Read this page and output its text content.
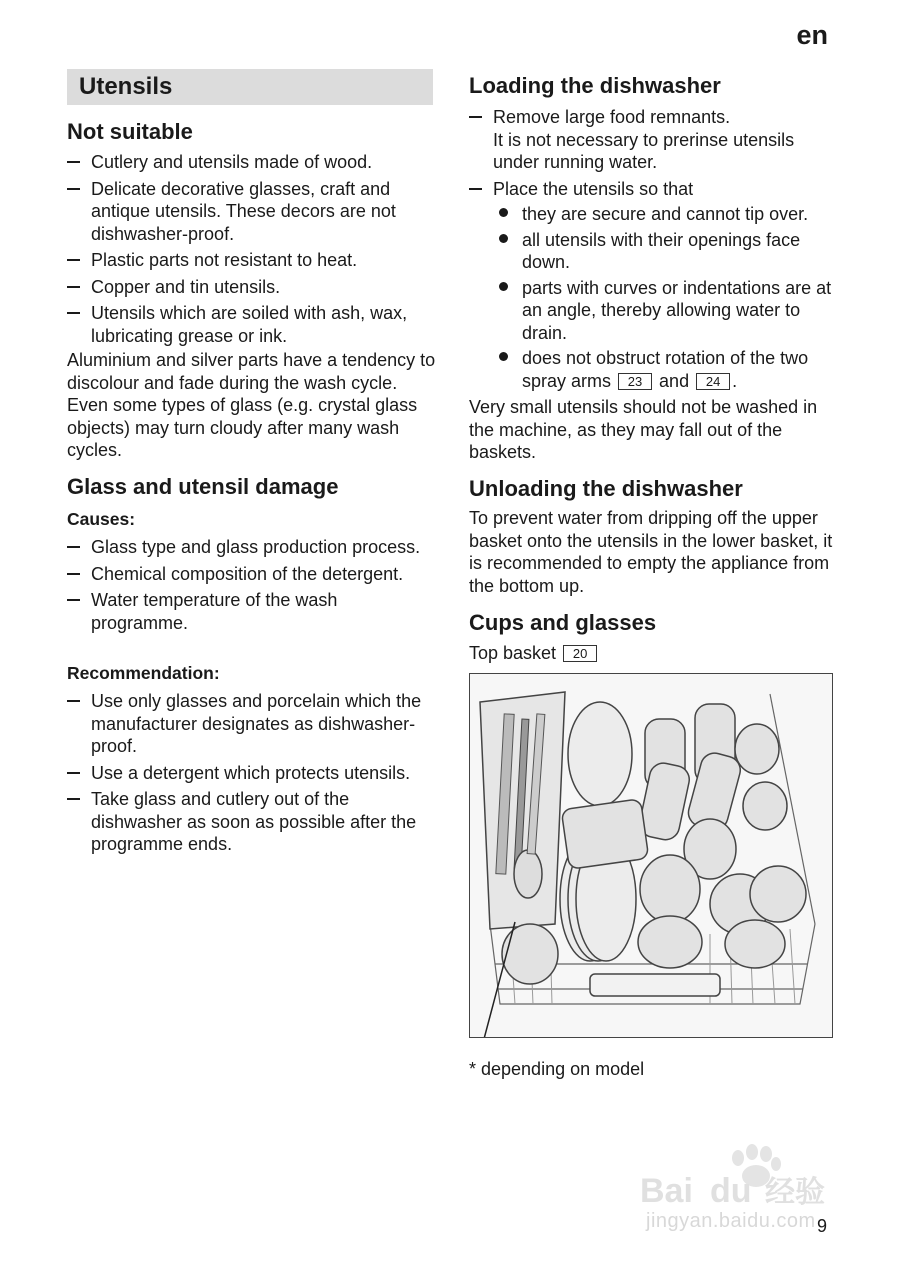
en
Utensils
Not suitable
Cutlery and utensils made of wood.
Delicate decorative glasses, craft and antique utensils. These decors are not dishwasher-proof.
Plastic parts not resistant to heat.
Copper and tin utensils.
Utensils which are soiled with ash, wax, lubricating grease or ink.
Aluminium and silver parts have a tendency to discolour and fade during the wash cycle. Even some types of glass (e.g. crystal glass objects) may turn cloudy after many wash cycles.
Glass and utensil damage
Causes:
Glass type and glass production process.
Chemical composition of the detergent.
Water temperature of the wash programme.
Recommendation:
Use only glasses and porcelain which the manufacturer designates as dishwasher-proof.
Use a detergent which protects utensils.
Take glass and cutlery out of the dishwasher as soon as possible after the programme ends.
Loading the dishwasher
Remove large food remnants.
It is not necessary to prerinse utensils under running water.
Place the utensils so that
they are secure and cannot tip over.
all utensils with their openings face down.
parts with curves or indentations are at an angle, thereby allowing water to drain.
does not obstruct rotation of the two spray arms 23 and 24 .
Very small utensils should not be washed in the machine, as they may fall out of the baskets.
Unloading the dishwasher
To prevent water from dripping off the upper basket onto the utensils in the lower basket, it is recommended to empty the appliance from the bottom up.
Cups and glasses
Top basket 20
* depending on model
Bai du 经验
jingyan.baidu.com 9
